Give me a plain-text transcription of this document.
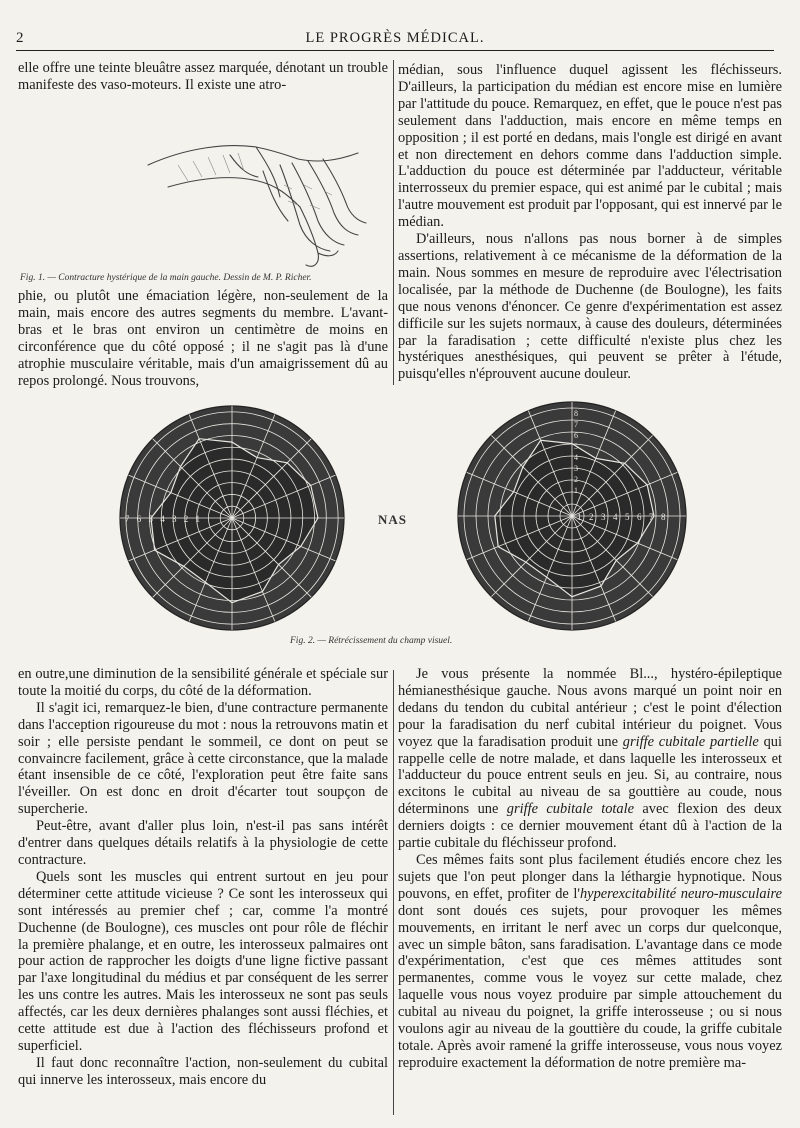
2	LE PROGRÈS MÉDICAL.

elle offre une teinte bleuâtre assez marquée, dénotant un trouble manifeste des vaso-moteurs. Il existe une atro-

Fig. 1. — Contracture hystérique de la main gauche. Dessin de M. P. Richer.

phie, ou plutôt une émaciation légère, non-seulement de la main, mais encore des autres segments du membre. L'avant-bras et le bras ont environ un centimètre de moins en circonférence que du côté opposé ; il ne s'agit pas là d'une atrophie musculaire véritable, mais d'un amaigrissement dû au repos prolongé. Nous trouvons,

médian, sous l'influence duquel agissent les fléchisseurs. D'ailleurs, la participation du médian est encore mise en lumière par l'attitude du pouce. Remarquez, en effet, que le pouce n'est pas seulement dans l'adduction, mais encore en même temps en opposition ; il est porté en dedans, mais l'ongle est dirigé en avant et non directement en dehors comme dans l'adduction simple. L'adduction du pouce est déterminée par l'adducteur, véritable interrosseux du premier espace, qui est animé par le cubital ; mais l'autre mouvement est produit par l'opposant, qui est innervé par le médian.

D'ailleurs, nous n'allons pas nous borner à de simples assertions, relativement à ce mécanisme de la déformation de la main. Nous sommes en mesure de reproduire avec l'électrisation localisée, par la méthode de Duchenne (de Boulogne), les faits que nous venons d'énoncer. Ce genre d'expérimentation est assez difficile sur les sujets normaux, à cause des douleurs, déterminées par la faradisation ; cette difficulté n'existe plus chez les hystériques anesthésiques, qui peuvent se prêter à l'étude, puisqu'elles n'éprouvent aucune douleur.

7 6 5 4 3 2 1	1 2 3 4 5 6 7 8
8
7
6
5
4
3
2
1
Fig. 2. — Rétrécissement du champ visuel.
NAS

en outre,une diminution de la sensibilité générale et spéciale sur toute la moitié du corps, du côté de la déformation.

Il s'agit ici, remarquez-le bien, d'une contracture permanente dans l'acception rigoureuse du mot : nous la retrouvons matin et soir ; elle persiste pendant le sommeil, ce dont on peut se convaincre facilement, grâce à cette circonstance, que la malade étant insensible de ce côté, l'exploration peut être faite sans l'éveiller. On est donc en droit d'écarter tout soupçon de supercherie.

Peut-être, avant d'aller plus loin, n'est-il pas sans intérêt d'entrer dans quelques détails relatifs à la physiologie de cette contracture.

Quels sont les muscles qui entrent surtout en jeu pour déterminer cette attitude vicieuse ? Ce sont les interosseux qui sont intéressés au premier chef ; car, comme l'a montré Duchenne (de Boulogne), ces muscles ont pour rôle de fléchir la première phalange, et en outre, les interosseux palmaires ont pour action de rapprocher les doigts d'une ligne fictive passant par l'axe longitudinal du médius et par conséquent de les serrer les uns contre les autres. Mais les interosseux ne sont pas seuls affectés, car les deux dernières phalanges sont aussi fléchies, et cette attitude est due à l'action des fléchisseurs profond et superficiel.

Il faut donc reconnaître l'action, non-seulement du cubital qui innerve les interosseux, mais encore du

Je vous présente la nommée Bl..., hystéro-épileptique hémianesthésique gauche. Nous avons marqué un point noir en dedans du tendon du cubital antérieur ; c'est le point d'élection pour la faradisation du nerf cubital intérieur du poignet. Vous voyez que la faradisation produit une griffe cubitale partielle qui rappelle celle de notre malade, et dans laquelle les interosseux et l'adducteur du pouce entrent seuls en jeu. Si, au contraire, nous excitons le cubital au niveau de sa gouttière au coude, nous déterminons une griffe cubitale totale avec flexion des deux derniers doigts : ce dernier mouvement étant dû à l'action de la partie cubitale du fléchisseur profond.

Ces mêmes faits sont plus facilement étudiés encore chez les sujets que l'on peut plonger dans la léthargie hypnotique. Nous pouvons, en effet, profiter de l'hyperexcitabilité neuro-musculaire dont sont doués ces sujets, pour provoquer les mêmes mouvements, en irritant le nerf avec un corps dur quelconque, avec un simple bâton, sans faradisation. L'avantage dans ce mode d'expérimentation, c'est que ces mêmes attitudes sont permanentes, comme vous le voyez sur cette malade, chez laquelle vous nous voyez produire par simple attouchement du cubital au niveau du poignet, la griffe interosseuse ; ou si nous voulons agir au niveau de la gouttière du coude, la griffe cubitale totale. Après avoir ramené la griffe interosseuse, vous nous voyez reproduire exactement la déformation de notre première ma-
